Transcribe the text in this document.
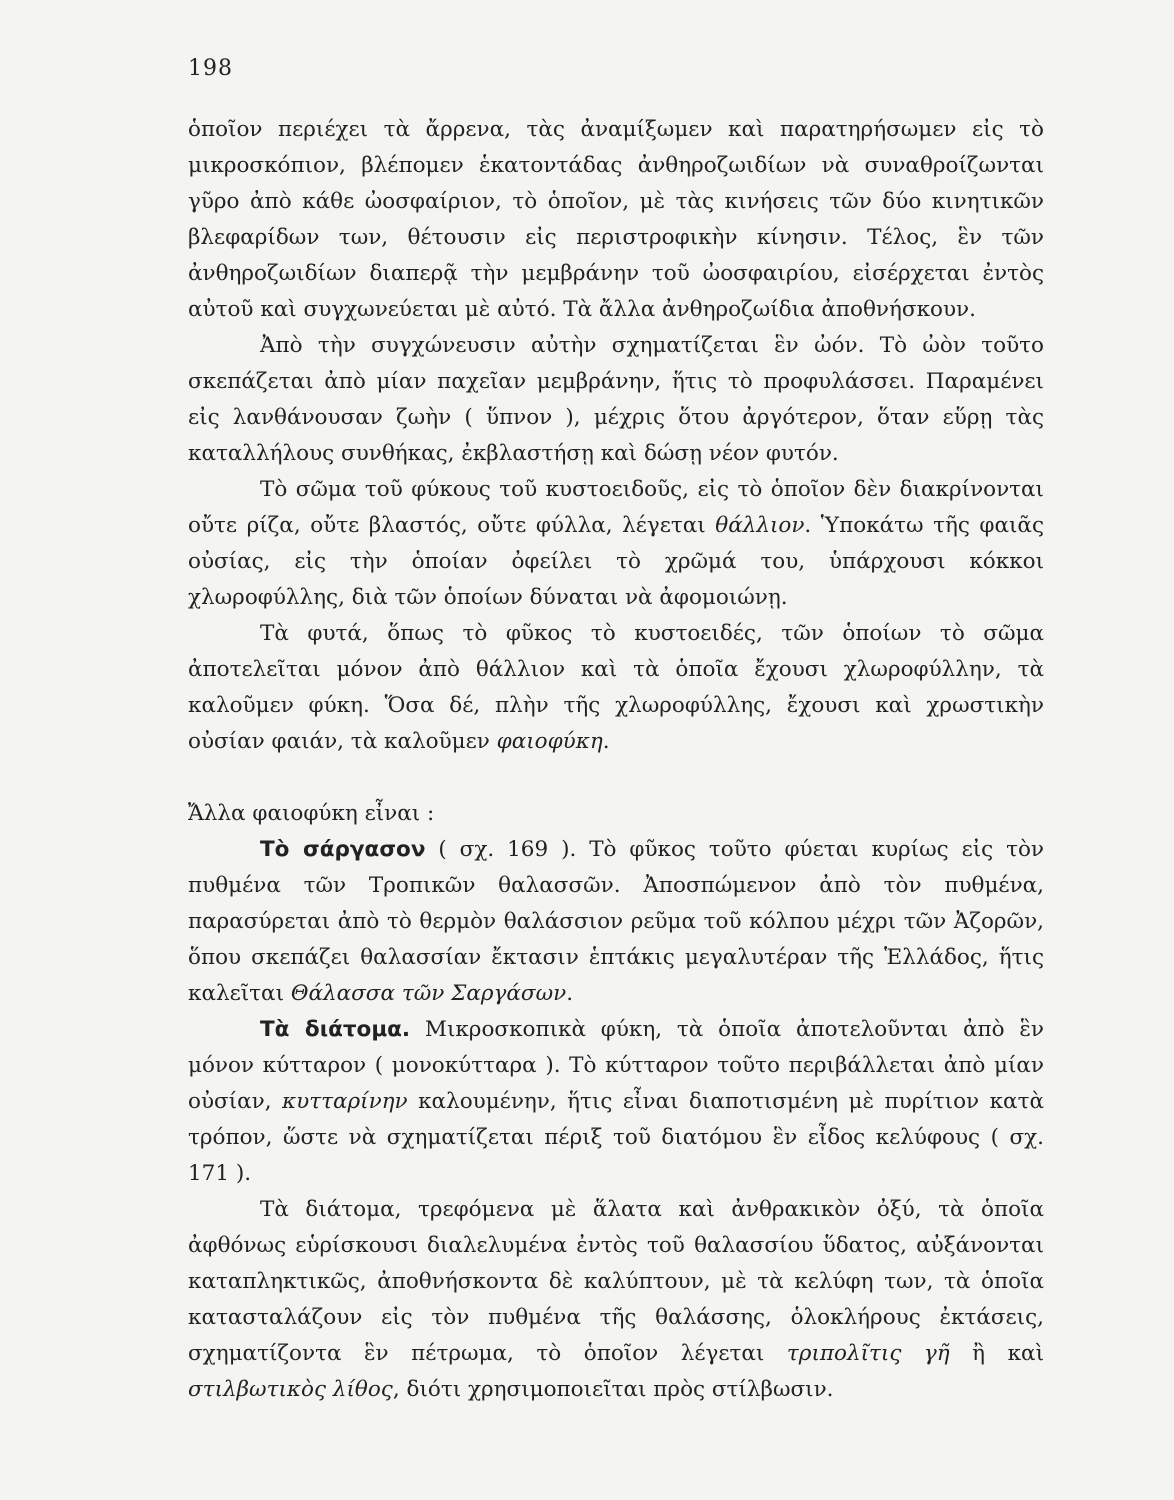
198

ὁποῖον περιέχει τὰ ἄρρενα, τὰς ἀναμίξωμεν καὶ παρατηρήσωμεν εἰς τὸ μικροσκόπιον, βλέπομεν ἑκατοντάδας ἀνθηροζωιδίων νὰ συναθροίζωνται γῦρο ἀπὸ κάθε ὠοσφαίριον, τὸ ὁποῖον, μὲ τὰς κινήσεις τῶν δύο κινητικῶν βλεφαρίδων των, θέτουσιν εἰς περιστροφικὴν κίνησιν. Τέλος, ἓν τῶν ἀνθηροζωιδίων διαπερᾷ τὴν μεμβράνην τοῦ ὠοσφαιρίου, εἰσέρχεται ἐντὸς αὐτοῦ καὶ συγχωνεύεται μὲ αὐτό. Τὰ ἄλλα ἀνθηροζωίδια ἀποθνήσκουν.

Ἀπὸ τὴν συγχώνευσιν αὐτὴν σχηματίζεται ἓν ὠόν. Τὸ ὠὸν τοῦτο σκεπάζεται ἀπὸ μίαν παχεῖαν μεμβράνην, ἥτις τὸ προφυλάσσει. Παραμένει εἰς λανθάνουσαν ζωὴν ( ὕπνον ), μέχρις ὅτου ἀργότερον, ὅταν εὕρῃ τὰς καταλλήλους συνθήκας, ἐκβλαστήσῃ καὶ δώσῃ νέον φυτόν.

Τὸ σῶμα τοῦ φύκους τοῦ κυστοειδοῦς, εἰς τὸ ὁποῖον δὲν διακρίνονται οὔτε ρίζα, οὔτε βλαστός, οὔτε φύλλα, λέγεται θάλλιον. Ὑποκάτω τῆς φαιᾶς οὐσίας, εἰς τὴν ὁποίαν ὀφείλει τὸ χρῶμά του, ὑπάρχουσι κόκκοι χλωροφύλλης, διὰ τῶν ὁποίων δύναται νὰ ἀφομοιώνῃ.

Τὰ φυτά, ὅπως τὸ φῦκος τὸ κυστοειδές, τῶν ὁποίων τὸ σῶμα ἀποτελεῖται μόνον ἀπὸ θάλλιον καὶ τὰ ὁποῖα ἔχουσι χλωροφύλλην, τὰ καλοῦμεν φύκη. Ὅσα δέ, πλὴν τῆς χλωροφύλλης, ἔχουσι καὶ χρωστικὴν οὐσίαν φαιάν, τὰ καλοῦμεν φαιοφύκη.

Ἄλλα φαιοφύκη εἶναι :

Τὸ σάργασον ( σχ. 169 ). Τὸ φῦκος τοῦτο φύεται κυρίως εἰς τὸν πυθμένα τῶν Τροπικῶν θαλασσῶν. Ἀποσπώμενον ἀπὸ τὸν πυθμένα, παρασύρεται ἀπὸ τὸ θερμὸν θαλάσσιον ρεῦμα τοῦ κόλπου μέχρι τῶν Ἀζορῶν, ὅπου σκεπάζει θαλασσίαν ἔκτασιν ἑπτάκις μεγαλυτέραν τῆς Ἑλλάδος, ἥτις καλεῖται Θάλασσα τῶν Σαργάσων.

Τὰ διάτομα. Μικροσκοπικὰ φύκη, τὰ ὁποῖα ἀποτελοῦνται ἀπὸ ἓν μόνον κύτταρον ( μονοκύτταρα ). Τὸ κύτταρον τοῦτο περιβάλλεται ἀπὸ μίαν οὐσίαν, κυτταρίνην καλουμένην, ἥτις εἶναι διαποτισμένη μὲ πυρίτιον κατὰ τρόπον, ὥστε νὰ σχηματίζεται πέριξ τοῦ διατόμου ἓν εἶδος κελύφους ( σχ. 171 ).

Τὰ διάτομα, τρεφόμενα μὲ ἅλατα καὶ ἀνθρακικὸν ὀξύ, τὰ ὁποῖα ἀφθόνως εὑρίσκουσι διαλελυμένα ἐντὸς τοῦ θαλασσίου ὕδατος, αὐξάνονται καταπληκτικῶς, ἀποθνήσκοντα δὲ καλύπτουν, μὲ τὰ κελύφη των, τὰ ὁποῖα κατασταλάζουν εἰς τὸν πυθμένα τῆς θαλάσσης, ὁλοκλήρους ἐκτάσεις, σχηματίζοντα ἓν πέτρωμα, τὸ ὁποῖον λέγεται τριπολῖτις γῆ ἢ καὶ στιλβωτικὸς λίθος, διότι χρησιμοποιεῖται πρὸς στίλβωσιν.
